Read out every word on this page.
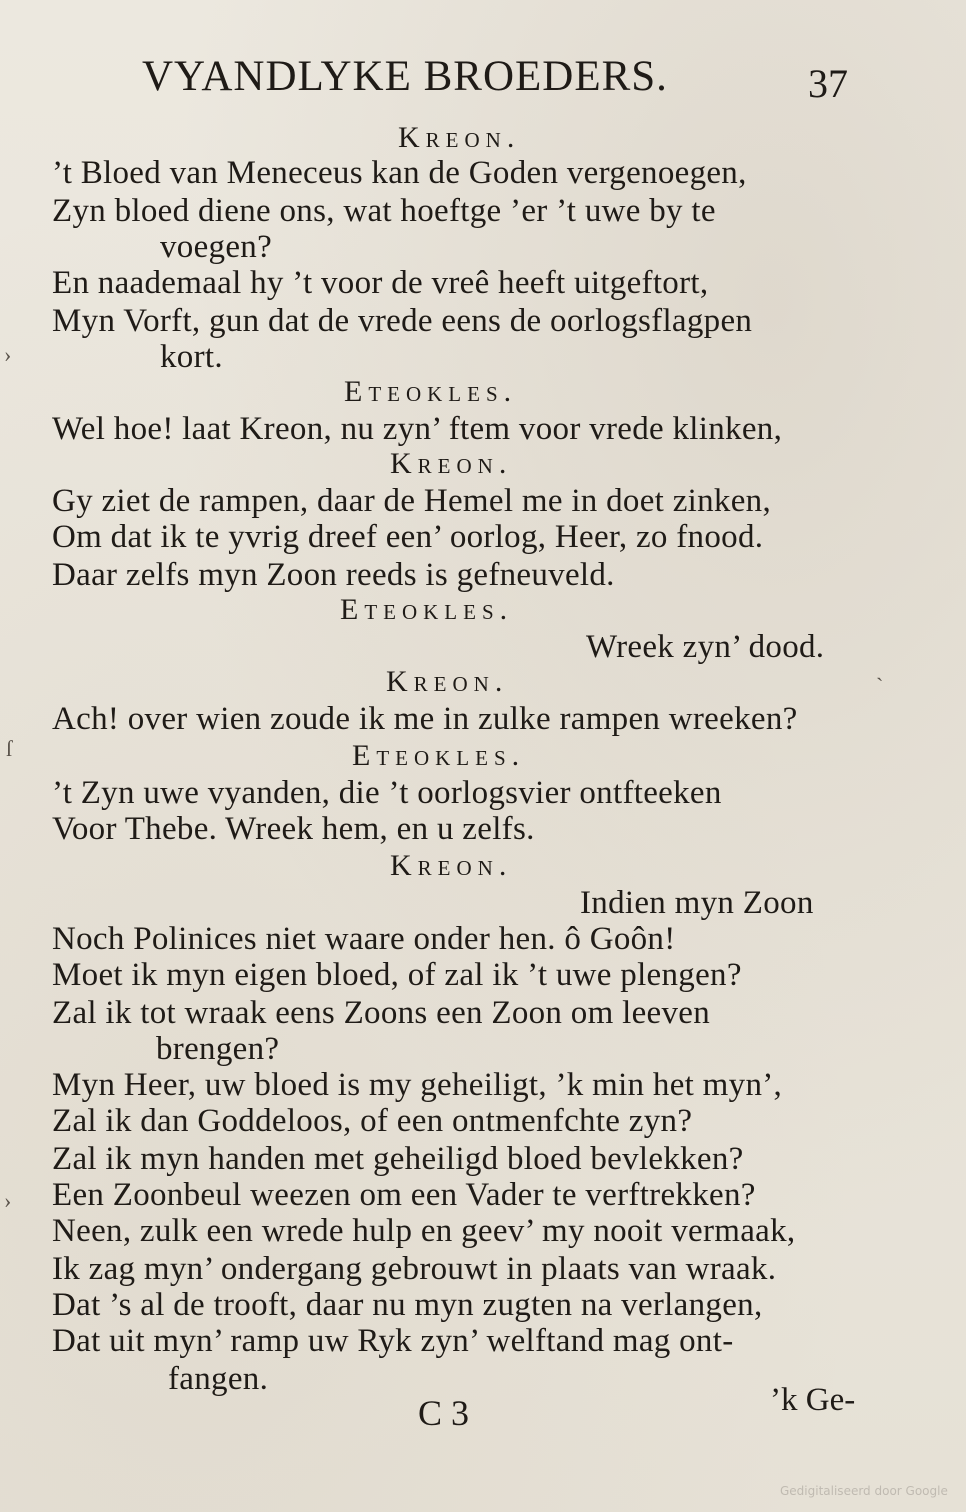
VYANDLYKE BROEDERS.	37
Kreon.
’t Bloed van Meneceus kan de Goden vergenoegen,
Zyn bloed diene ons, wat hoeftge ’er ’t uwe by te
voegen?
En naademaal hy ’t voor de vreê heeft uitgeftort,
Myn Vorft, gun dat de vrede eens de oorlogsflagpen
kort.
Eteokles.
Wel hoe! laat Kreon, nu zyn’ ftem voor vrede klinken,
Kreon.
Gy ziet de rampen, daar de Hemel me in doet zinken,
Om dat ik te yvrig dreef een’ oorlog, Heer, zo fnood.
Daar zelfs myn Zoon reeds is gefneuveld.
Eteokles.
Wreek zyn’ dood.
Kreon.
Ach! over wien zoude ik me in zulke rampen wreeken?
Eteokles.
’t Zyn uwe vyanden, die ’t oorlogsvier ontfteeken
Voor Thebe. Wreek hem, en u zelfs.
Kreon.
Indien myn Zoon
Noch Polinices niet waare onder hen. ô Goôn!
Moet ik myn eigen bloed, of zal ik ’t uwe plengen?
Zal ik tot wraak eens Zoons een Zoon om leeven
brengen?
Myn Heer, uw bloed is my geheiligt, ’k min het myn’,
Zal ik dan Goddeloos, of een ontmenfchte zyn?
Zal ik myn handen met geheiligd bloed bevlekken?
Een Zoonbeul weezen om een Vader te verftrekken?
Neen, zulk een wrede hulp en geev’ my nooit vermaak,
Ik zag myn’ ondergang gebrouwt in plaats van wraak.
Dat ’s al de trooft, daar nu myn zugten na verlangen,
Dat uit myn’ ramp uw Ryk zyn’ welftand mag ont-
fangen.
›
ſ
›
ˎ
C 3	’k Ge-
Gedigitaliseerd door Google
